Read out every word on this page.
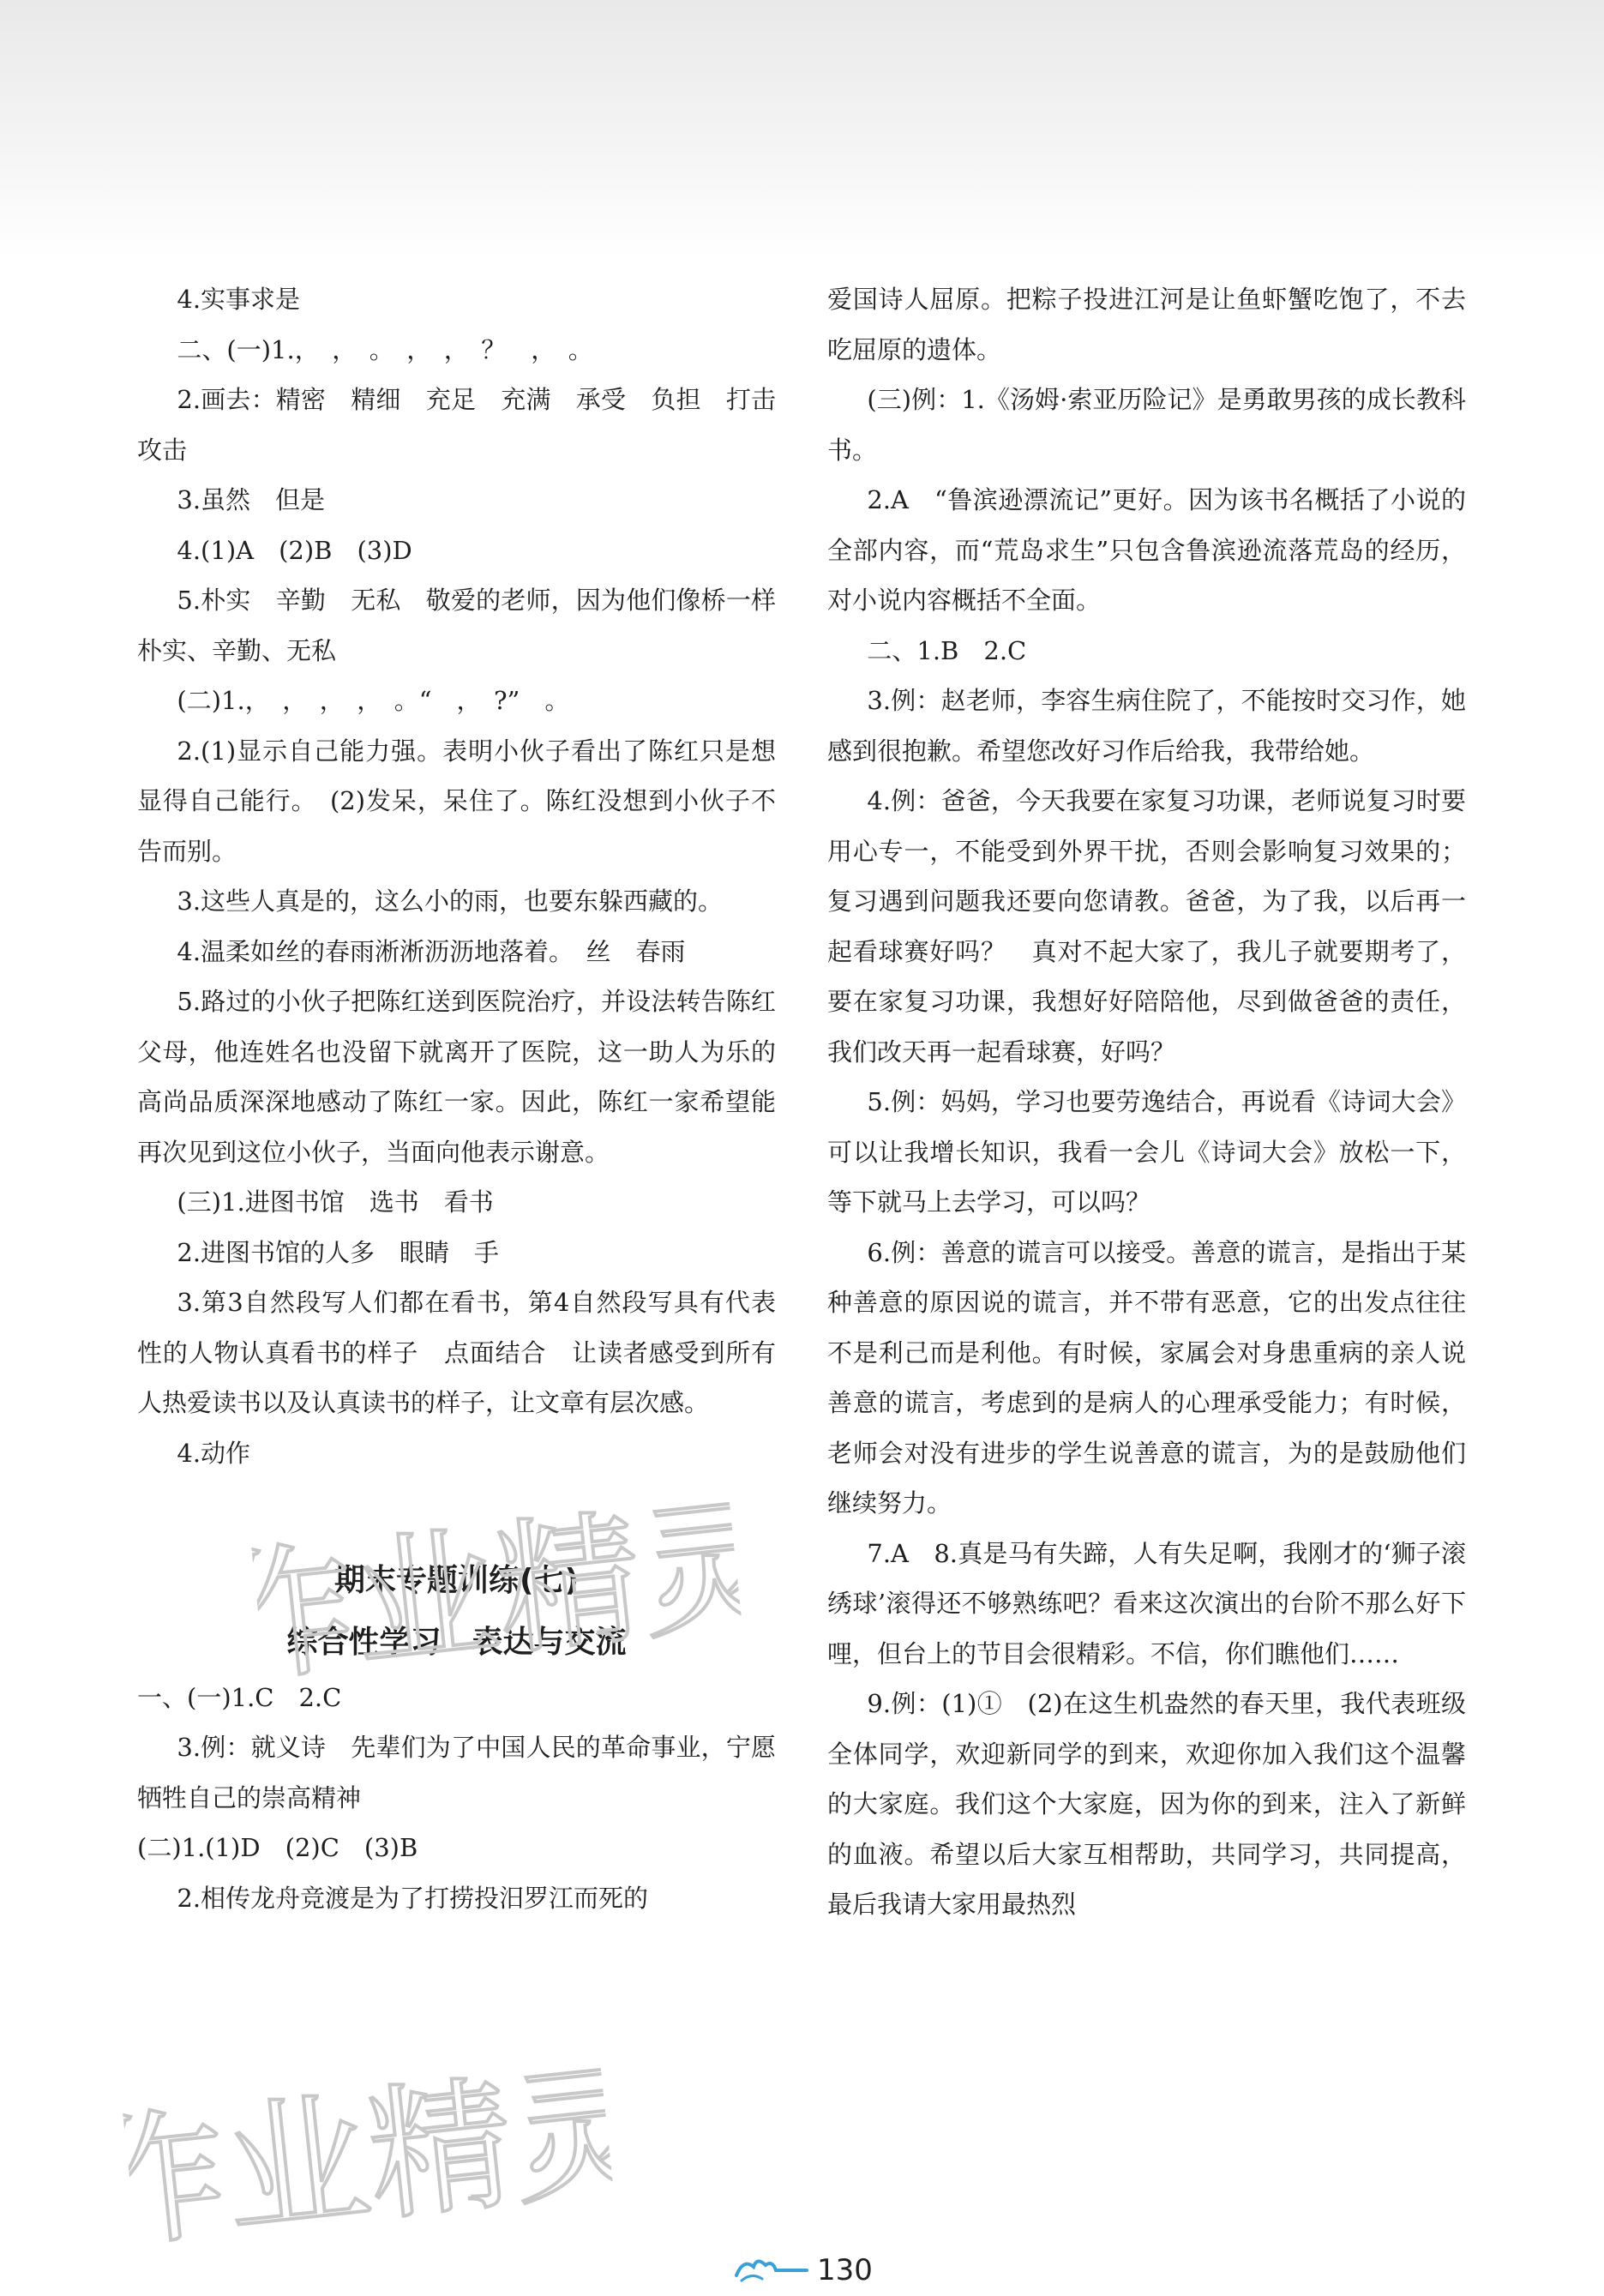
4.实事求是

二、(一)1.，　，　。　，　，　？　，　。

2.画去：精密　精细　充足　充满　承受　负担　打击　攻击

3.虽然　但是

4.(1)A　(2)B　(3)D

5.朴实　辛勤　无私　敬爱的老师，因为他们像桥一样朴实、辛勤、无私

(二)1.，　，　，　，　。“　，　?”　。

2.(1)显示自己能力强。表明小伙子看出了陈红只是想显得自己能行。　(2)发呆，呆住了。陈红没想到小伙子不告而别。

3.这些人真是的，这么小的雨，也要东躲西藏的。

4.温柔如丝的春雨淅淅沥沥地落着。　丝　春雨

5.路过的小伙子把陈红送到医院治疗，并设法转告陈红父母，他连姓名也没留下就离开了医院，这一助人为乐的高尚品质深深地感动了陈红一家。因此，陈红一家希望能再次见到这位小伙子，当面向他表示谢意。

(三)1.进图书馆　选书　看书

2.进图书馆的人多　眼睛　手

3.第3自然段写人们都在看书，第4自然段写具有代表性的人物认真看书的样子　点面结合　让读者感受到所有人热爱读书以及认真读书的样子，让文章有层次感。

4.动作

期末专题训练(七)

综合性学习　表达与交流

一、(一)1.C　2.C

3.例：就义诗　先辈们为了中国人民的革命事业，宁愿牺牲自己的崇高精神

(二)1.(1)D　(2)C　(3)B

2.相传龙舟竞渡是为了打捞投汨罗江而死的

爱国诗人屈原。把粽子投进江河是让鱼虾蟹吃饱了，不去吃屈原的遗体。

(三)例：1.《汤姆·索亚历险记》是勇敢男孩的成长教科书。

2.A　“鲁滨逊漂流记”更好。因为该书名概括了小说的全部内容，而“荒岛求生”只包含鲁滨逊流落荒岛的经历，对小说内容概括不全面。

二、1.B　2.C

3.例：赵老师，李容生病住院了，不能按时交习作，她感到很抱歉。希望您改好习作后给我，我带给她。

4.例：爸爸，今天我要在家复习功课，老师说复习时要用心专一，不能受到外界干扰，否则会影响复习效果的；复习遇到问题我还要向您请教。爸爸，为了我，以后再一起看球赛好吗？　真对不起大家了，我儿子就要期考了，要在家复习功课，我想好好陪陪他，尽到做爸爸的责任，我们改天再一起看球赛，好吗？

5.例：妈妈，学习也要劳逸结合，再说看《诗词大会》可以让我增长知识，我看一会儿《诗词大会》放松一下，等下就马上去学习，可以吗？

6.例：善意的谎言可以接受。善意的谎言，是指出于某种善意的原因说的谎言，并不带有恶意，它的出发点往往不是利己而是利他。有时候，家属会对身患重病的亲人说善意的谎言，考虑到的是病人的心理承受能力；有时候，老师会对没有进步的学生说善意的谎言，为的是鼓励他们继续努力。

7.A　8.真是马有失蹄，人有失足啊，我刚才的‘狮子滚绣球’滚得还不够熟练吧？看来这次演出的台阶不那么好下哩，但台上的节目会很精彩。不信，你们瞧他们……

9.例：(1)①　(2)在这生机盎然的春天里，我代表班级全体同学，欢迎新同学的到来，欢迎你加入我们这个温馨的大家庭。我们这个大家庭，因为你的到来，注入了新鲜的血液。希望以后大家互相帮助，共同学习，共同提高，最后我请大家用最热烈

作业精灵
作业精灵	130
